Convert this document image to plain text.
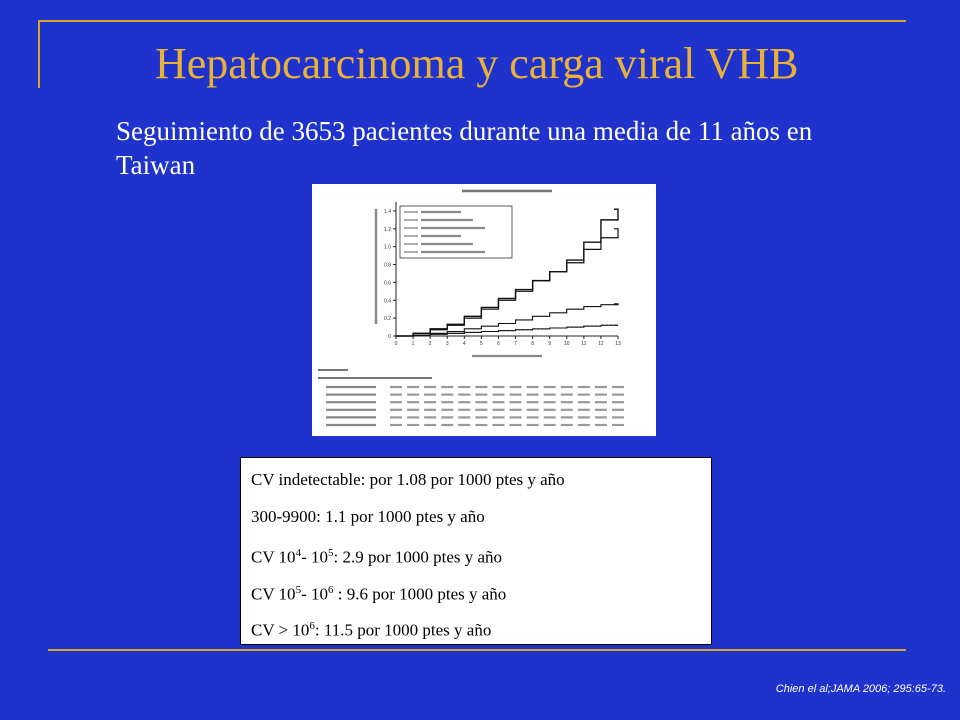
Hepatocarcinoma y carga viral VHB
Seguimiento de 3653 pacientes durante una media de 11 años en Taiwan
0
0.2
0.4
0.6
0.8
1.0
1.2
1.4
0	1	2	3	4	5	6	7	8	9	10 11 12 13
CV indetectable: por 1.08 por 1000 ptes y año
300-9900: 1.1 por 1000 ptes y año
CV $10^4-$ $10^5$: 2.9 por 1000 ptes y año
CV $10^5-$ $10^6$ : 9.6 por 1000 ptes y año
CV > $10^6$: 11.5 por 1000 ptes y año
Chien el al;JAMA 2006; 295:65-73.
